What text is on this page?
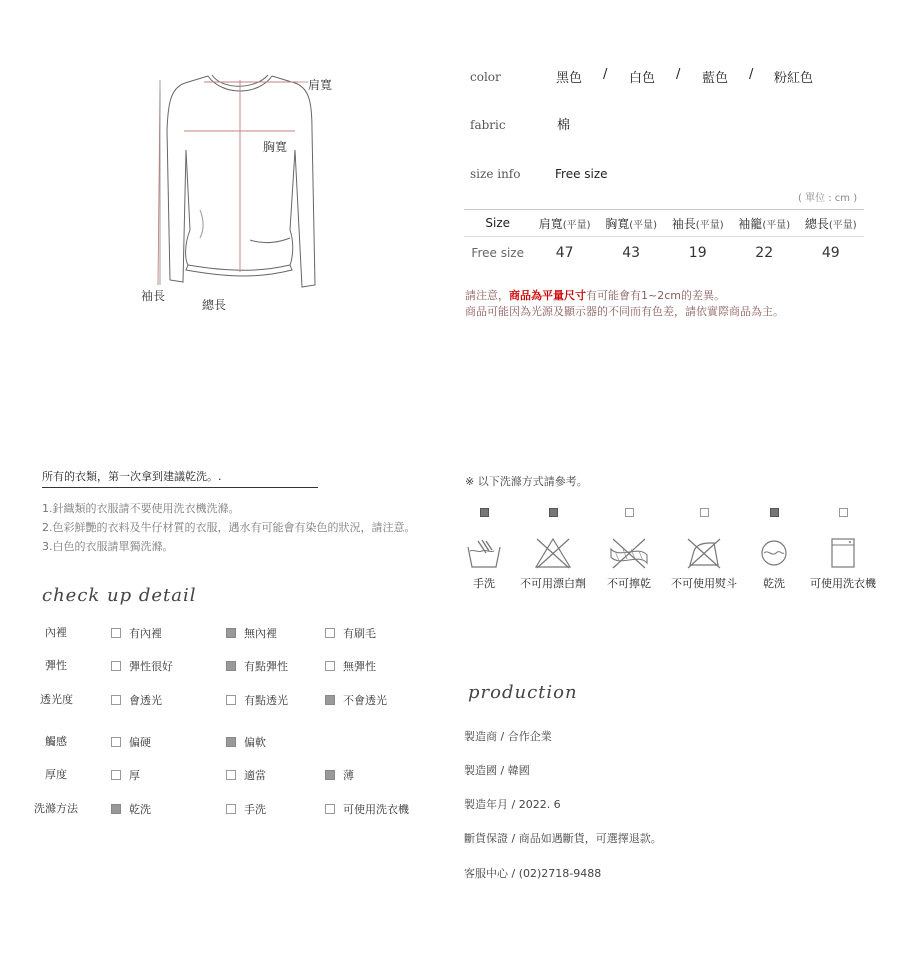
肩寬
胸寬
袖長
總長
color	黑色 / 白色 / 藍色 / 粉紅色
fabric	棉
size info	Free size
( 單位 : cm )
Size	肩寬(平量)	胸寬(平量)	袖長(平量)	袖籠(平量)	總長(平量)
Free size	47	43	19	22	49
請注意，商品為平量尺寸有可能會有1~2cm的差異。
商品可能因為光源及顯示器的不同而有色差，請依實際商品為主。
所有的衣類，第一次拿到建議乾洗。.
1.針織類的衣服請不要使用洗衣機洗滌。
2.色彩鮮艷的衣料及牛仔材質的衣服，遇水有可能會有染色的狀況，請注意。
3.白色的衣服請單獨洗滌。
※ 以下洗滌方式請參考。
手洗	不可用漂白劑	不可擰乾	不可使用熨斗	乾洗	可使用洗衣機
check up detail
內裡	有內裡	無內裡	有刷毛
彈性	彈性很好	有點彈性	無彈性
透光度	會透光	有點透光	不會透光
觸感	偏硬	偏軟
厚度	厚	適當	薄
洗滌方法	乾洗	手洗	可使用洗衣機
production
製造商 / 合作企業
製造國 / 韓國
製造年月 / 2022. 6
斷貨保證 / 商品如遇斷貨，可選擇退款。
客服中心 / (02)2718-9488
